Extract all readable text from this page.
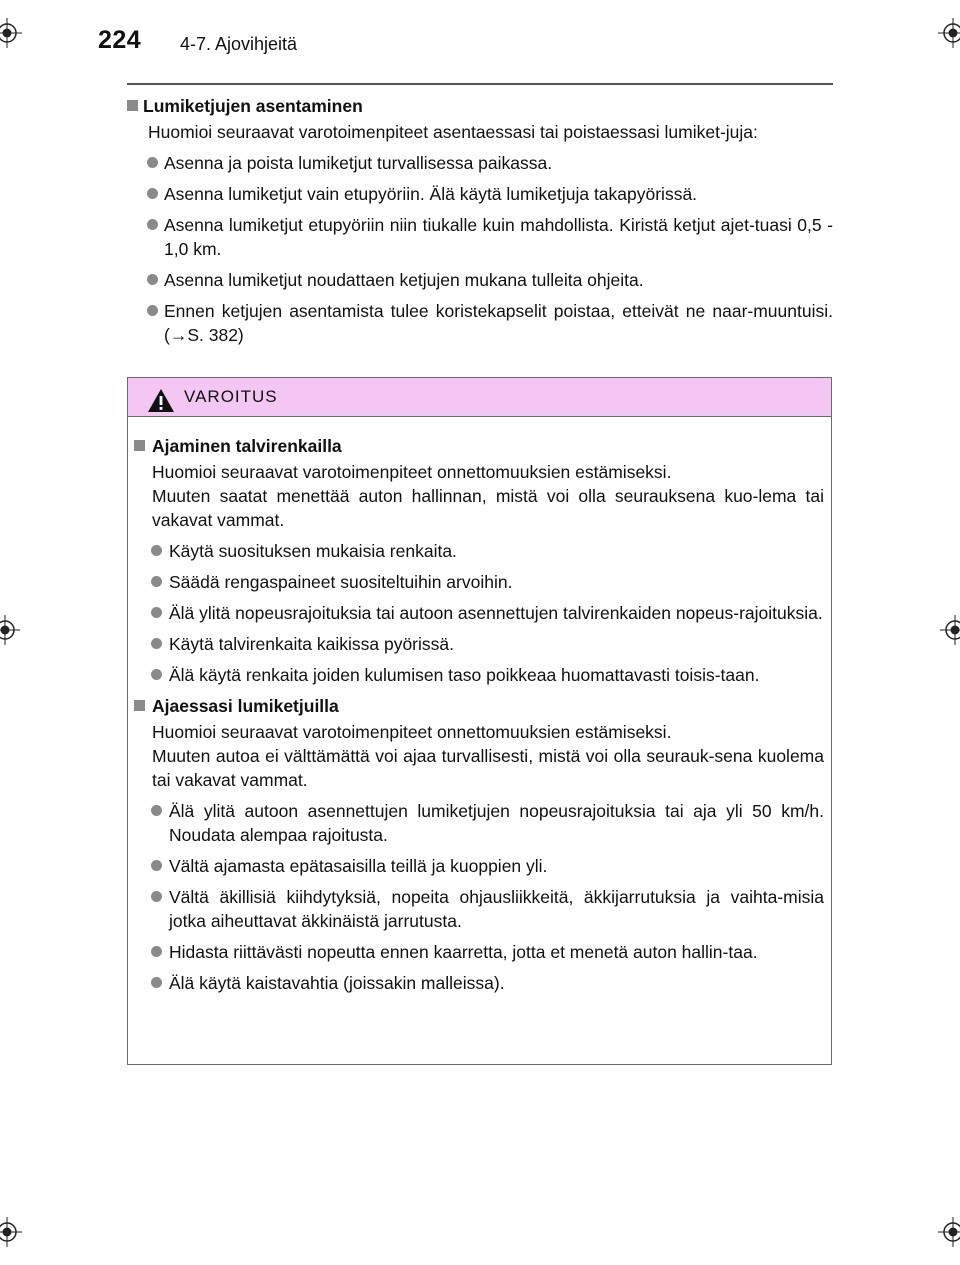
224 4-7. Ajovihjeitä
Lumiketjujen asentaminen
Huomioi seuraavat varotoimenpiteet asentaessasi tai poistaessasi lumiket-juja:
Asenna ja poista lumiketjut turvallisessa paikassa.
Asenna lumiketjut vain etupyöriin. Älä käytä lumiketjuja takapyörissä.
Asenna lumiketjut etupyöriin niin tiukalle kuin mahdollista. Kiristä ketjut ajet-tuasi 0,5 - 1,0 km.
Asenna lumiketjut noudattaen ketjujen mukana tulleita ohjeita.
Ennen ketjujen asentamista tulee koristekapselit poistaa, etteivät ne naar-muuntuisi. (→S. 382)
VAROITUS
Ajaminen talvirenkailla
Huomioi seuraavat varotoimenpiteet onnettomuuksien estämiseksi.
Muuten saatat menettää auton hallinnan, mistä voi olla seurauksena kuo-lema tai vakavat vammat.
Käytä suosituksen mukaisia renkaita.
Säädä rengaspaineet suositeltuihin arvoihin.
Älä ylitä nopeusrajoituksia tai autoon asennettujen talvirenkaiden nopeus-rajoituksia.
Käytä talvirenkaita kaikissa pyörissä.
Älä käytä renkaita joiden kulumisen taso poikkeaa huomattavasti toisis-taan.
Ajaessasi lumiketjuilla
Huomioi seuraavat varotoimenpiteet onnettomuuksien estämiseksi.
Muuten autoa ei välttämättä voi ajaa turvallisesti, mistä voi olla seurauk-sena kuolema tai vakavat vammat.
Älä ylitä autoon asennettujen lumiketjujen nopeusrajoituksia tai aja yli 50 km/h. Noudata alempaa rajoitusta.
Vältä ajamasta epätasaisilla teillä ja kuoppien yli.
Vältä äkillisiä kiihdytyksiä, nopeita ohjausliikkeitä, äkkijarrutuksia ja vaihta-misia jotka aiheuttavat äkkinäistä jarrutusta.
Hidasta riittävästi nopeutta ennen kaarretta, jotta et menetä auton hallin-taa.
Älä käytä kaistavahtia (joissakin malleissa).
